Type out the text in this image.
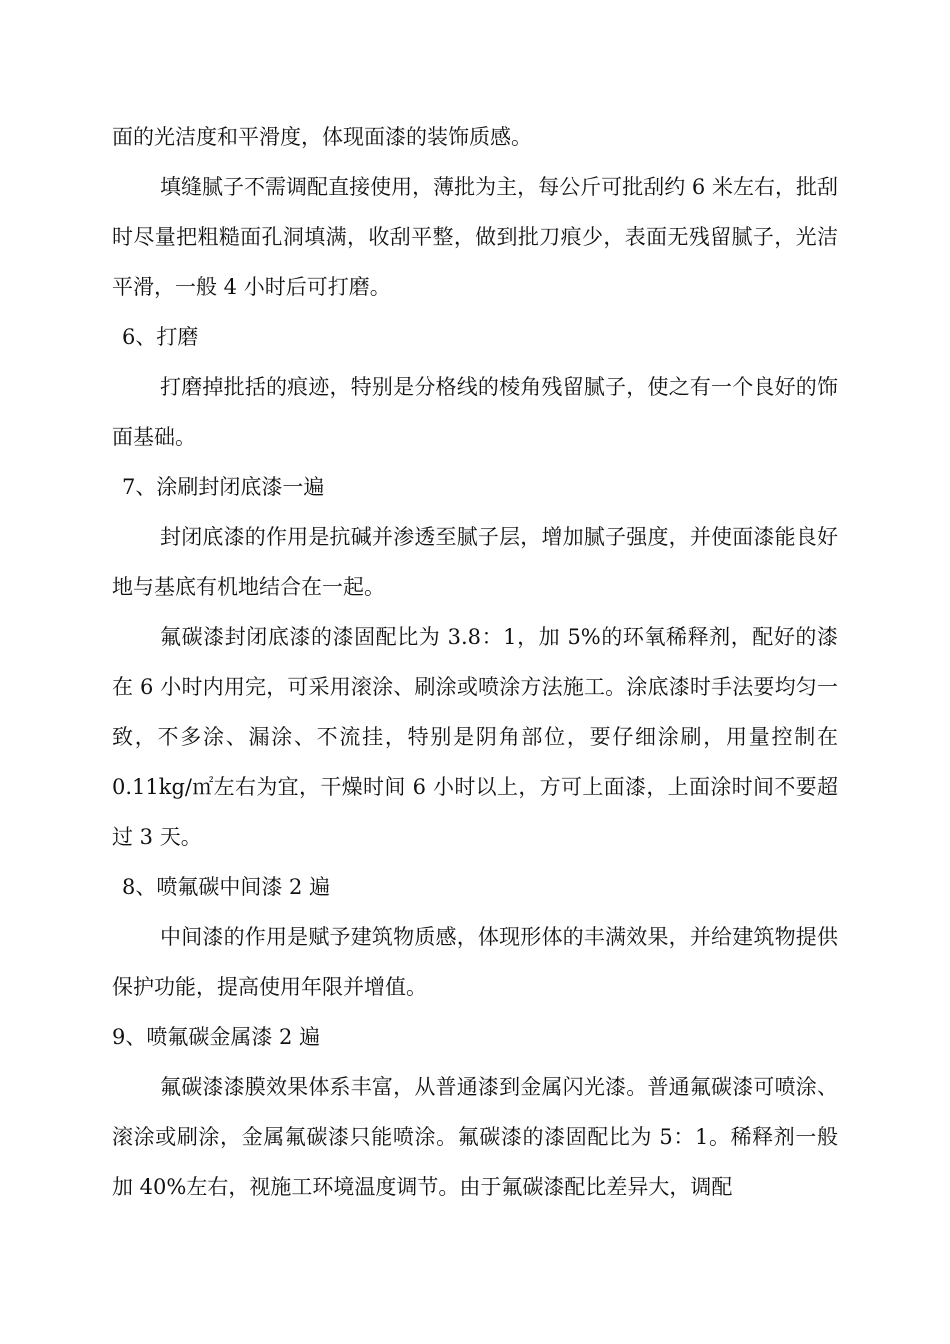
面的光洁度和平滑度，体现面漆的装饰质感。

填缝腻子不需调配直接使用，薄批为主，每公斤可批刮约 6 米左右，批刮时尽量把粗糙面孔洞填满，收刮平整，做到批刀痕少，表面无残留腻子，光洁平滑，一般 4 小时后可打磨。

6、打磨

打磨掉批括的痕迹，特别是分格线的棱角残留腻子，使之有一个良好的饰面基础。

7、涂刷封闭底漆一遍

封闭底漆的作用是抗碱并渗透至腻子层，增加腻子强度，并使面漆能良好地与基底有机地结合在一起。

氟碳漆封闭底漆的漆固配比为 3.8：1，加 5%的环氧稀释剂，配好的漆在 6 小时内用完，可采用滚涂、刷涂或喷涂方法施工。涂底漆时手法要均匀一致，不多涂、漏涂、不流挂，特别是阴角部位，要仔细涂刷，用量控制在 0.11kg/㎡左右为宜，干燥时间 6 小时以上，方可上面漆，上面涂时间不要超过 3 天。

8、喷氟碳中间漆 2 遍

中间漆的作用是赋予建筑物质感，体现形体的丰满效果，并给建筑物提供保护功能，提高使用年限并增值。

9、喷氟碳金属漆 2 遍

氟碳漆漆膜效果体系丰富，从普通漆到金属闪光漆。普通氟碳漆可喷涂、滚涂或刷涂，金属氟碳漆只能喷涂。氟碳漆的漆固配比为 5：1。稀释剂一般加 40%左右，视施工环境温度调节。由于氟碳漆配比差异大，调配
